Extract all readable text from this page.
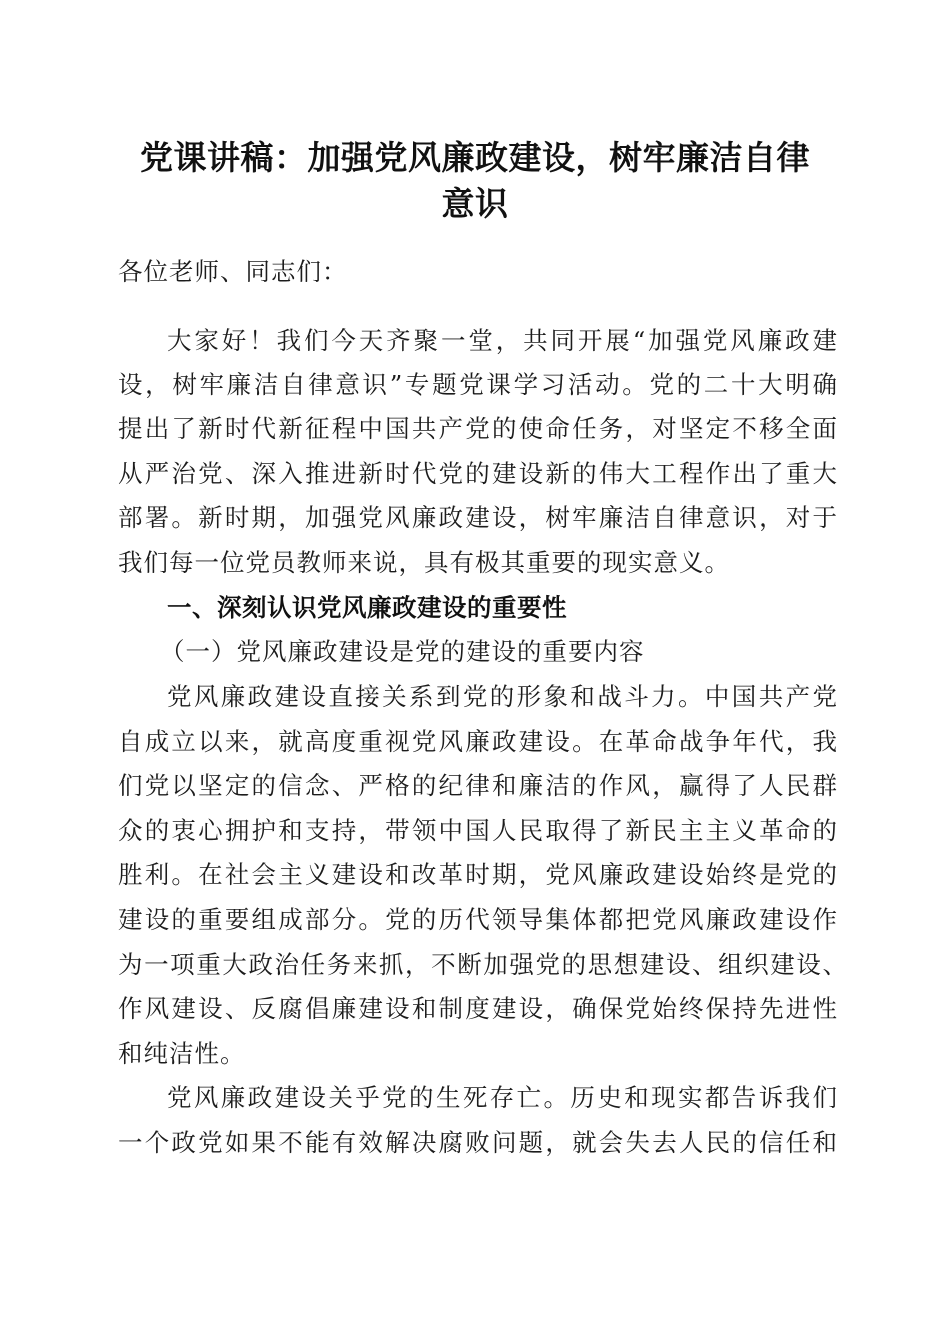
党课讲稿：加强党风廉政建设，树牢廉洁自律
意识
各位老师、同志们：
大家好！我们今天齐聚一堂，共同开展“加强党风廉政建
设，树牢廉洁自律意识”专题党课学习活动。党的二十大明确
提出了新时代新征程中国共产党的使命任务，对坚定不移全面
从严治党、深入推进新时代党的建设新的伟大工程作出了重大
部署。新时期，加强党风廉政建设，树牢廉洁自律意识，对于
我们每一位党员教师来说，具有极其重要的现实意义。
一、深刻认识党风廉政建设的重要性
（一）党风廉政建设是党的建设的重要内容
党风廉政建设直接关系到党的形象和战斗力。中国共产党
自成立以来，就高度重视党风廉政建设。在革命战争年代，我
们党以坚定的信念、严格的纪律和廉洁的作风，赢得了人民群
众的衷心拥护和支持，带领中国人民取得了新民主主义革命的
胜利。在社会主义建设和改革时期，党风廉政建设始终是党的
建设的重要组成部分。党的历代领导集体都把党风廉政建设作
为一项重大政治任务来抓，不断加强党的思想建设、组织建设、
作风建设、反腐倡廉建设和制度建设，确保党始终保持先进性
和纯洁性。
党风廉政建设关乎党的生死存亡。历史和现实都告诉我们
一个政党如果不能有效解决腐败问题，就会失去人民的信任和
